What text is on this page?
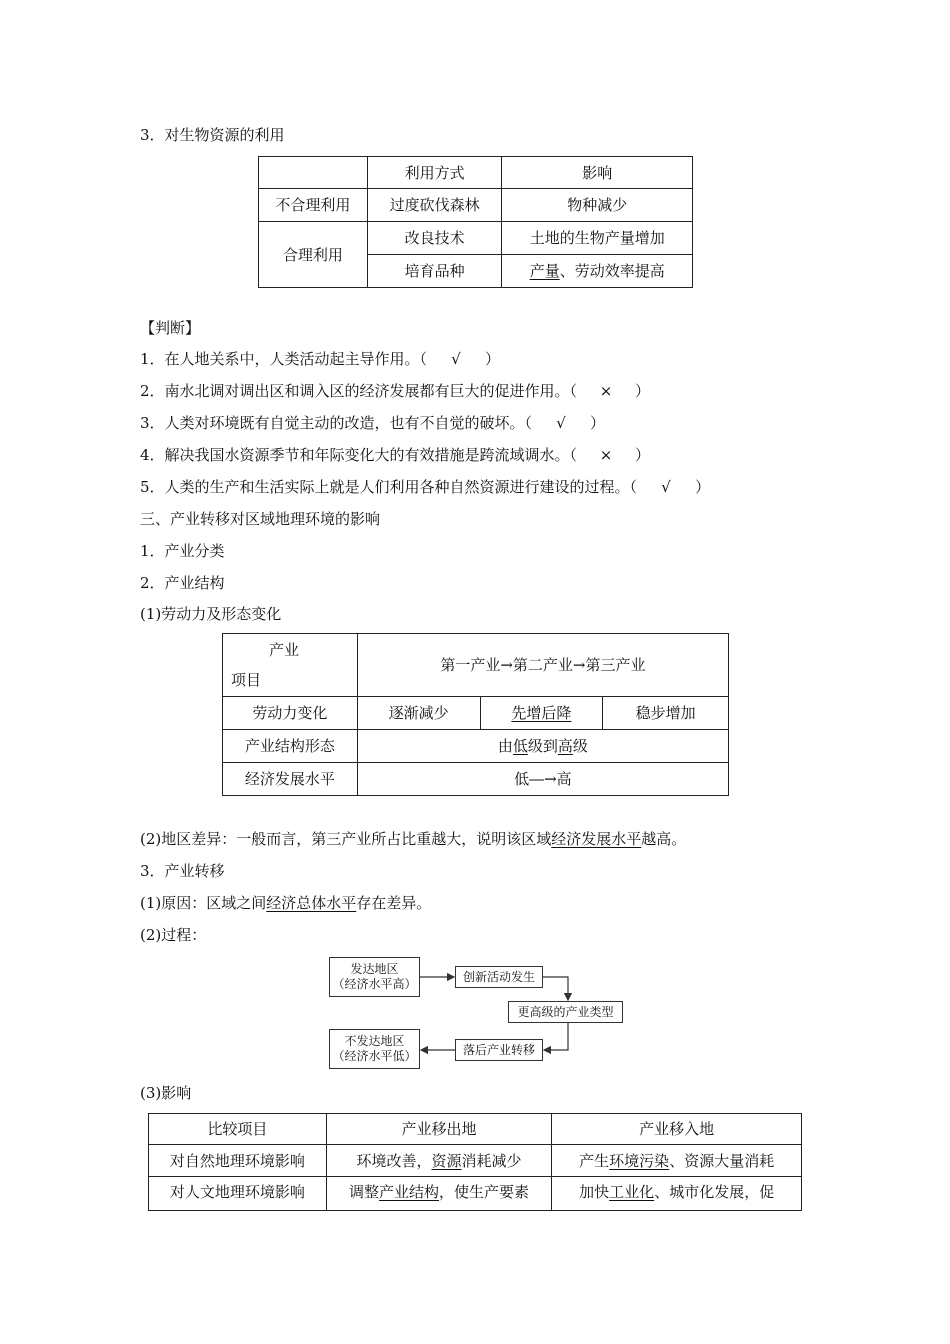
3．对生物资源的利用
	利用方式	影响
不合理利用	过度砍伐森林	物种减少
合理利用	改良技术	土地的生物产量增加
	培育品种	产量、劳动效率提高
【判断】
1．在人地关系中，人类活动起主导作用。（ √ ）
2．南水北调对调出区和调入区的经济发展都有巨大的促进作用。（ × ）
3．人类对环境既有自觉主动的改造，也有不自觉的破坏。（ √ ）
4．解决我国水资源季节和年际变化大的有效措施是跨流域调水。（ × ）
5．人类的生产和生活实际上就是人们利用各种自然资源进行建设的过程。（ √ ）
三、产业转移对区域地理环境的影响
1．产业分类
2．产业结构
(1)劳动力及形态变化
产业
项目	第一产业→第二产业→第三产业		
劳动力变化	逐渐减少	先增后降	稳步增加
产业结构形态	由低级到高级		
经济发展水平	低―→高		
(2)地区差异：一般而言，第三产业所占比重越大，说明该区域经济发展水平越高。
3．产业转移
(1)原因：区域之间经济总体水平存在差异。
(2)过程：
发达地区
（经济水平高）
创新活动发生
更高级的产业类型
落后产业转移
不发达地区
（经济水平低）
(3)影响
比较项目	产业移出地	产业移入地
对自然地理环境影响	环境改善，资源消耗减少	产生环境污染、资源大量消耗
对人文地理环境影响	调整产业结构，使生产要素	加快工业化、城市化发展，促
